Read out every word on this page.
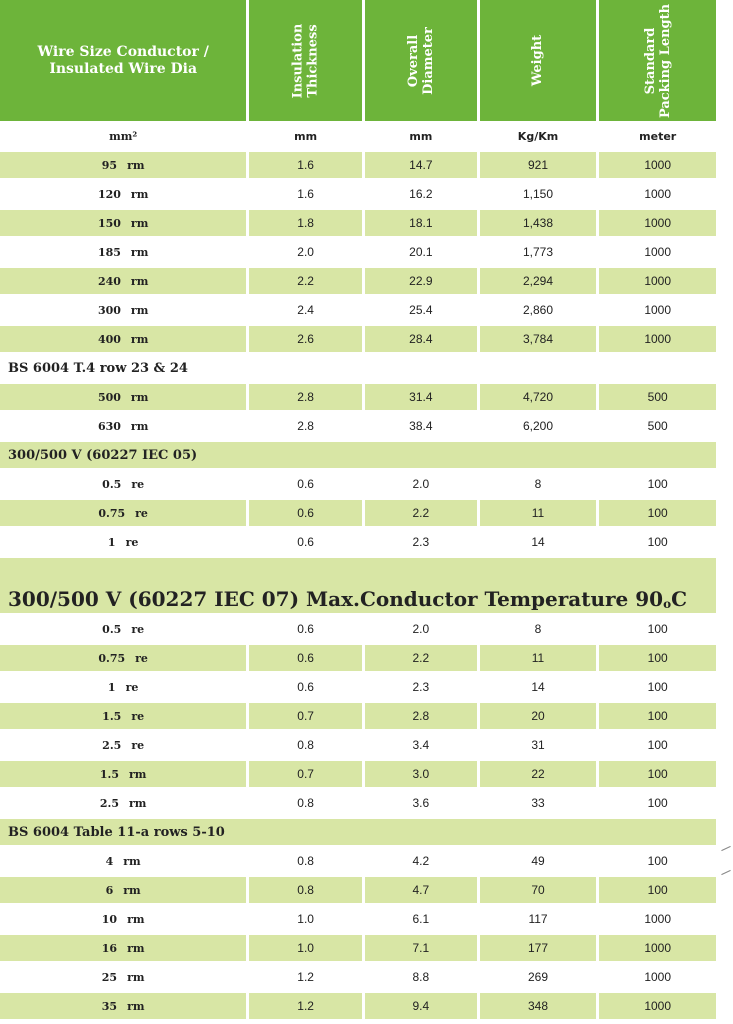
Wire Size Conductor / Insulated Wire Dia	Insulation Thickness	Overall Diameter	Weight	Standard Packing Length
mm²	mm	mm	Kg/Km	meter
95 rm	1.6	14.7	921	1000
120 rm	1.6	16.2	1,150	1000
150 rm	1.8	18.1	1,438	1000
185 rm	2.0	20.1	1,773	1000
240 rm	2.2	22.9	2,294	1000
300 rm	2.4	25.4	2,860	1000
400 rm	2.6	28.4	3,784	1000
BS 6004 T.4 row 23 & 24
500 rm	2.8	31.4	4,720	500
630 rm	2.8	38.4	6,200	500
300/500 V (60227 IEC 05)
0.5 re	0.6	2.0	8	100
0.75 re	0.6	2.2	11	100
1 re	0.6	2.3	14	100
300/500 V (60227 IEC 07) Max.Conductor Temperature $90_o$ C
0.5 re	0.6	2.0	8	100
0.75 re	0.6	2.2	11	100
1 re	0.6	2.3	14	100
1.5 re	0.7	2.8	20	100
2.5 re	0.8	3.4	31	100
1.5 rm	0.7	3.0	22	100
2.5 rm	0.8	3.6	33	100
BS 6004 Table 11-a rows 5-10
4 rm	0.8	4.2	49	100
6 rm	0.8	4.7	70	100
10 rm	1.0	6.1	117	1000
16 rm	1.0	7.1	177	1000
25 rm	1.2	8.8	269	1000
35 rm	1.2	9.4	348	1000
